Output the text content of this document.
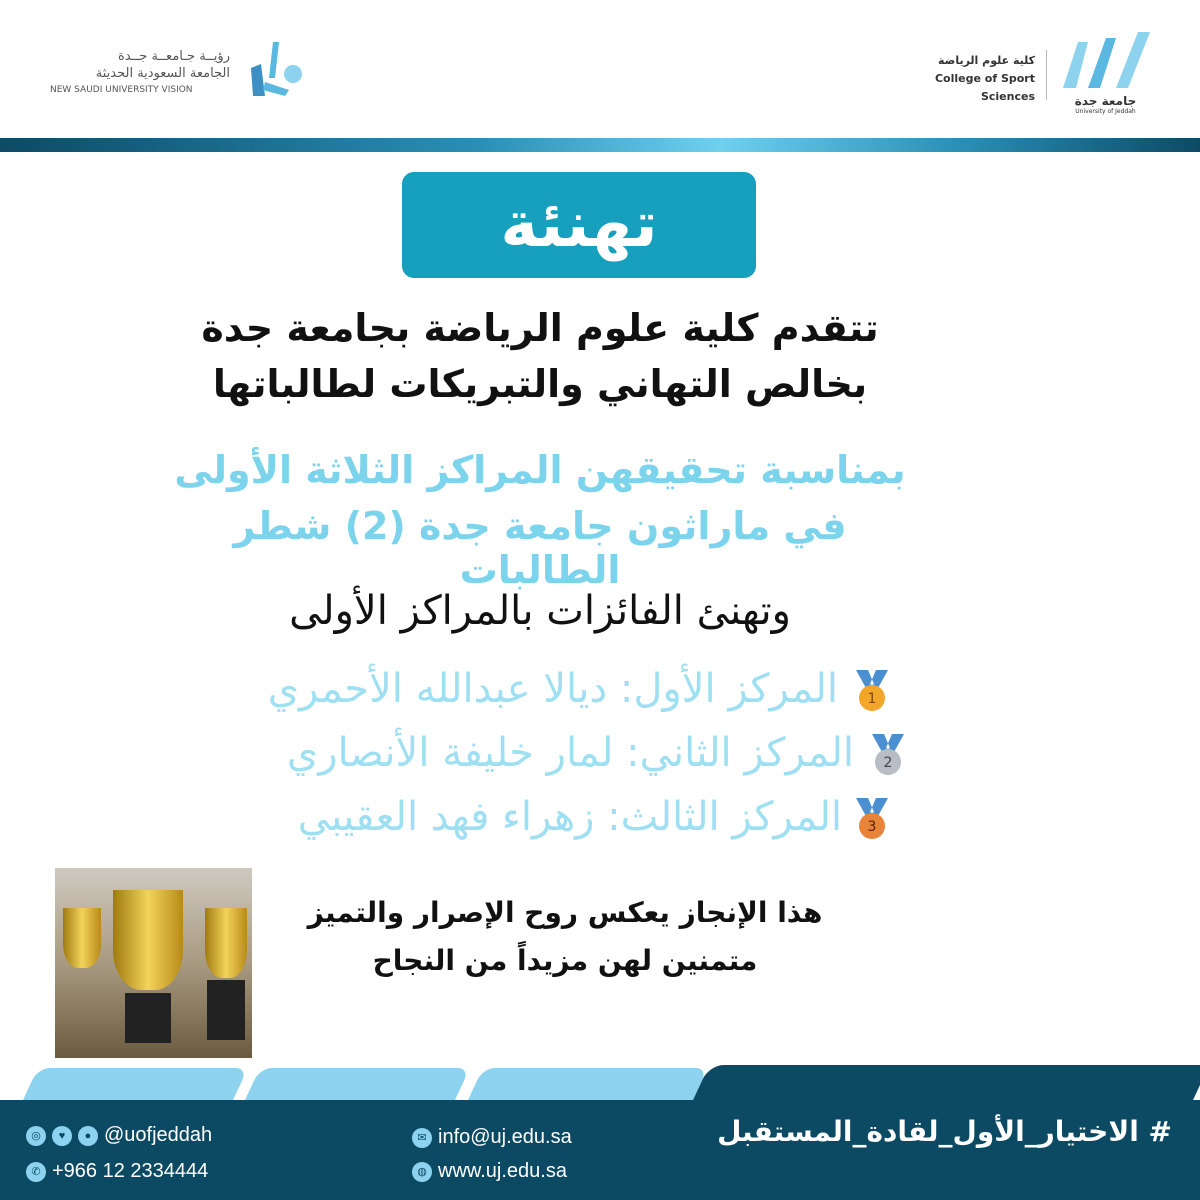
رؤيــة جـامعــة جــدة
الجامعة السعودية الحديثة
NEW SAUDI UNIVERSITY VISION
كلية علوم الرياضة
College of Sport Sciences	جامعة جدة
University of Jeddah
تهنئة
تتقدم كلية علوم الرياضة بجامعة جدة
بخالص التهاني والتبريكات لطالباتها
بمناسبة تحقيقهن المراكز الثلاثة الأولى
في ماراثون جامعة جدة (2) شطر الطالبات
وتهنئ الفائزات بالمراكز الأولى
المركز الأول: ديالا عبدالله الأحمري
المركز الثاني: لمار خليفة الأنصاري
المركز الثالث: زهراء فهد العقيبي
1
2
3
هذا الإنجاز يعكس روح الإصرار والتميز
متمنين لهن مزيداً من النجاح
◎	♥	● @uofjeddah
✆ +966 12 2334444
✉ info@uj.edu.sa
◍ www.uj.edu.sa
# الاختيار_الأول_لقادة_المستقبل
